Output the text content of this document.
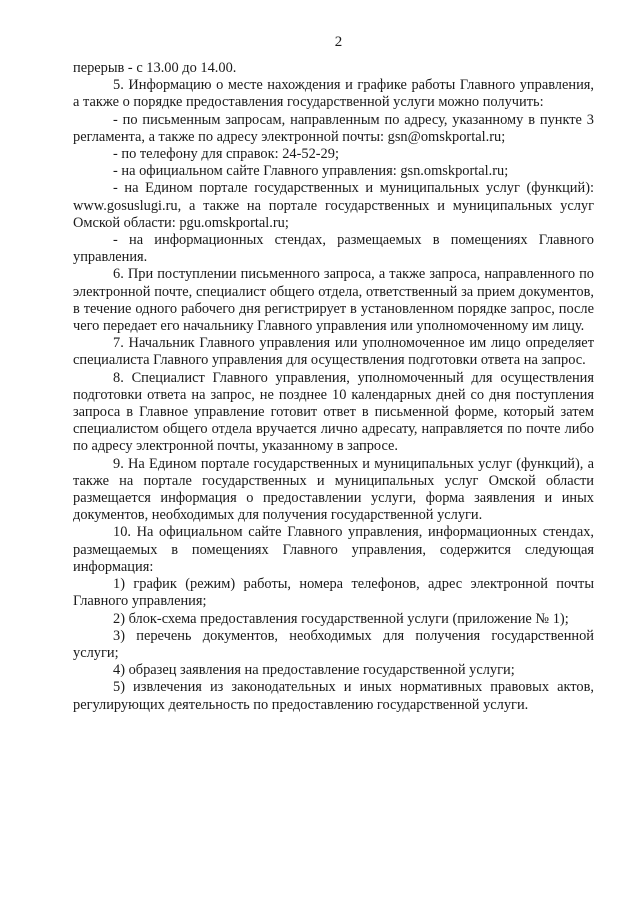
2

перерыв - с 13.00 до 14.00.

5. Информацию о месте нахождения и графике работы Главного управления, а также о порядке предоставления государственной услуги можно получить:

- по письменным запросам, направленным по адресу, указанному в пункте 3 регламента, а также по адресу электронной почты: gsn@omskportal.ru;

- по телефону для справок: 24-52-29;

- на официальном сайте Главного управления: gsn.omskportal.ru;

- на Едином портале государственных и муниципальных услуг (функций): www.gosuslugi.ru, а также на портале государственных и муниципальных услуг Омской области: pgu.omskportal.ru;

- на информационных стендах, размещаемых в помещениях Главного управления.

6. При поступлении письменного запроса, а также запроса, направленного по электронной почте, специалист общего отдела, ответственный за прием документов, в течение одного рабочего дня регистрирует в установленном порядке запрос, после чего передает его начальнику Главного управления или уполномоченному им лицу.

7. Начальник Главного управления или уполномоченное им лицо определяет специалиста Главного управления для осуществления подготовки ответа на запрос.

8. Специалист Главного управления, уполномоченный для осуществления подготовки ответа на запрос, не позднее 10 календарных дней со дня поступления запроса в Главное управление готовит ответ в письменной форме, который затем специалистом общего отдела вручается лично адресату, направляется по почте либо по адресу электронной почты, указанному в запросе.

9. На Едином портале государственных и муниципальных услуг (функций), а также на портале государственных и муниципальных услуг Омской области размещается информация о предоставлении услуги, форма заявления и иных документов, необходимых для получения государственной услуги.

10. На официальном сайте Главного управления, информационных стендах, размещаемых в помещениях Главного управления, содержится следующая информация:

1) график (режим) работы, номера телефонов, адрес электронной почты Главного управления;

2) блок-схема предоставления государственной услуги (приложение № 1);

3) перечень документов, необходимых для получения государственной услуги;

4) образец заявления на предоставление государственной услуги;

5) извлечения из законодательных и иных нормативных правовых актов, регулирующих деятельность по предоставлению государственной услуги.
